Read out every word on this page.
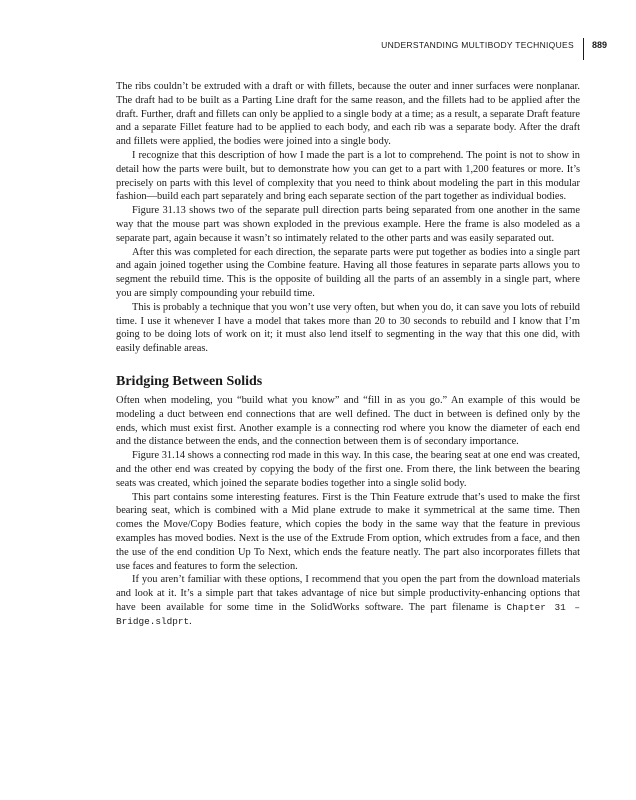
UNDERSTANDING MULTIBODY TECHNIQUES	889

The ribs couldn’t be extruded with a draft or with fillets, because the outer and inner surfaces were nonplanar. The draft had to be built as a Parting Line draft for the same reason, and the fillets had to be applied after the draft. Further, draft and fillets can only be applied to a single body at a time; as a result, a separate Draft feature and a separate Fillet feature had to be applied to each body, and each rib was a separate body. After the draft and fillets were applied, the bodies were joined into a single body.

I recognize that this description of how I made the part is a lot to comprehend. The point is not to show in detail how the parts were built, but to demonstrate how you can get to a part with 1,200 features or more. It’s precisely on parts with this level of complexity that you need to think about modeling the part in this modular fashion—build each part separately and bring each separate section of the part together as individual bodies.

Figure 31.13 shows two of the separate pull direction parts being separated from one another in the same way that the mouse part was shown exploded in the previous example. Here the frame is also modeled as a separate part, again because it wasn’t so intimately related to the other parts and was easily separated out.

After this was completed for each direction, the separate parts were put together as bodies into a single part and again joined together using the Combine feature. Having all those features in separate parts allows you to segment the rebuild time. This is the opposite of building all the parts of an assembly in a single part, where you are simply compounding your rebuild time.

This is probably a technique that you won’t use very often, but when you do, it can save you lots of rebuild time. I use it whenever I have a model that takes more than 20 to 30 seconds to rebuild and I know that I’m going to be doing lots of work on it; it must also lend itself to segmenting in the way that this one did, with easily definable areas.

Bridging Between Solids

Often when modeling, you “build what you know” and “fill in as you go.” An example of this would be modeling a duct between end connections that are well defined. The duct in between is defined only by the ends, which must exist first. Another example is a connecting rod where you know the diameter of each end and the distance between the ends, and the connection between them is of secondary importance.

Figure 31.14 shows a connecting rod made in this way. In this case, the bearing seat at one end was created, and the other end was created by copying the body of the first one. From there, the link between the bearing seats was created, which joined the separate bodies together into a single solid body.

This part contains some interesting features. First is the Thin Feature extrude that’s used to make the first bearing seat, which is combined with a Mid plane extrude to make it symmetrical at the same time. Then comes the Move/Copy Bodies feature, which copies the body in the same way that the feature in previous examples has moved bodies. Next is the use of the Extrude From option, which extrudes from a face, and then the use of the end condition Up To Next, which ends the feature neatly. The part also incorporates fillets that use faces and features to form the selection.

If you aren’t familiar with these options, I recommend that you open the part from the download materials and look at it. It’s a simple part that takes advantage of nice but simple productivity-enhancing options that have been available for some time in the SolidWorks software. The part filename is Chapter 31 – Bridge.sldprt.
